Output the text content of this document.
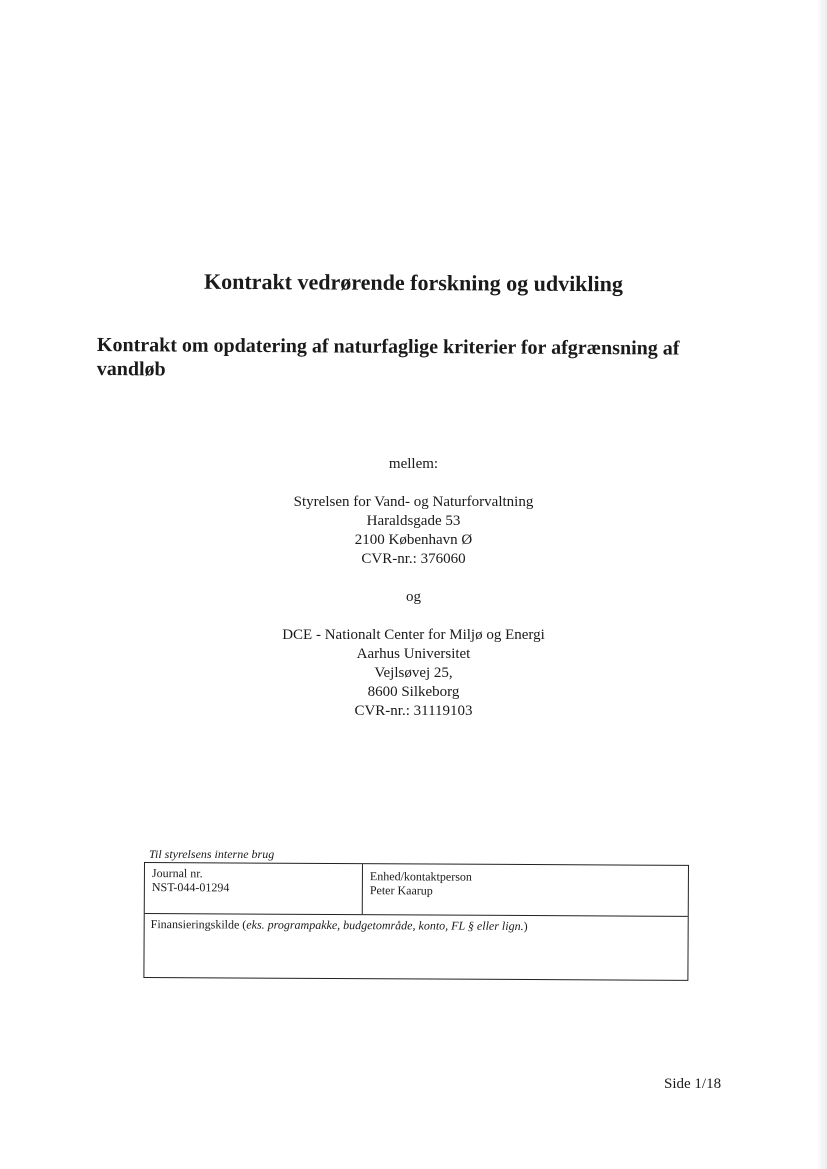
Kontrakt vedrørende forskning og udvikling
Kontrakt om opdatering af naturfaglige kriterier for afgrænsning af vandløb
mellem:
Styrelsen for Vand- og Naturforvaltning
Haraldsgade 53
2100 København Ø
CVR-nr.: 376060
og
DCE - Nationalt Center for Miljø og Energi
Aarhus Universitet
Vejlsøvej 25,
8600 Silkeborg
CVR-nr.: 31119103
Til styrelsens interne brug
Journal nr.
NST-044-01294
Enhed/kontaktperson
Peter Kaarup
Finansieringskilde (eks. programpakke, budgetområde, konto, FL § eller lign.)
Side 1/18
